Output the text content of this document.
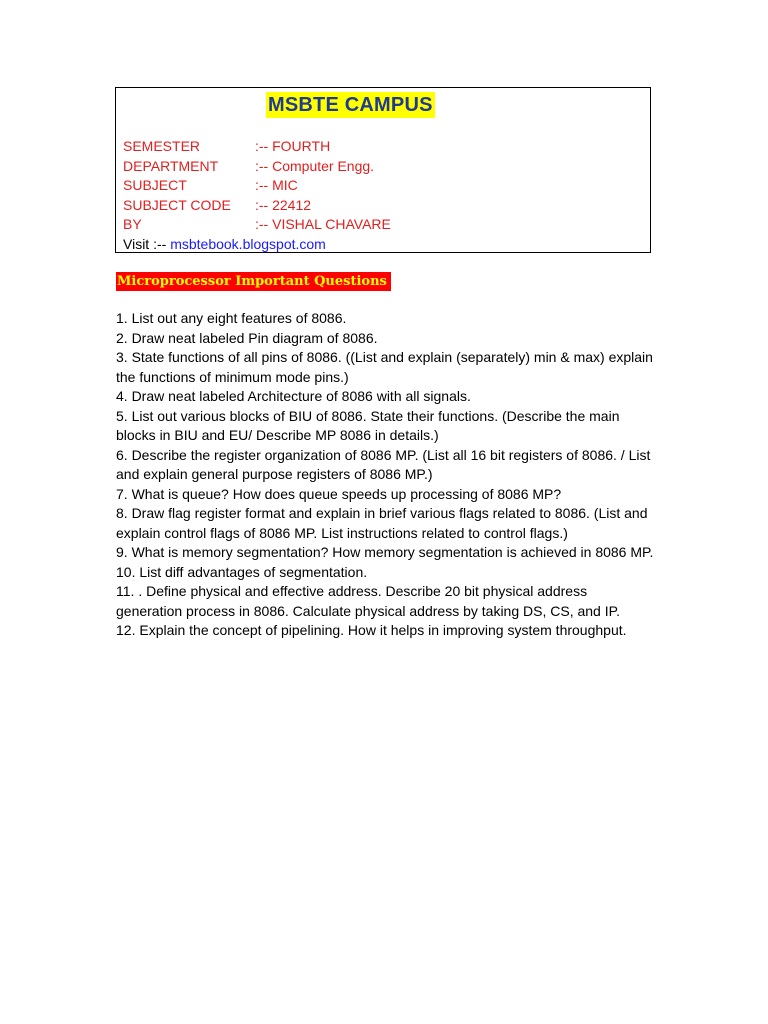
MSBTE CAMPUS
SEMESTER	:-- FOURTH
DEPARTMENT	:-- Computer Engg.
SUBJECT	:-- MIC
SUBJECT CODE	:-- 22412
BY	:-- VISHAL CHAVARE
Visit :-- msbtebook.blogspot.com
Microprocessor Important Questions
1. List out any eight features of 8086.
2. Draw neat labeled Pin diagram of 8086.
3. State functions of all pins of 8086. ((List and explain (separately) min & max) explain the functions of minimum mode pins.)
4. Draw neat labeled Architecture of 8086 with all signals.
5. List out various blocks of BIU of 8086. State their functions. (Describe the main blocks in BIU and EU/ Describe MP 8086 in details.)
6. Describe the register organization of 8086 MP. (List all 16 bit registers of 8086. / List and explain general purpose registers of 8086 MP.)
7. What is queue? How does queue speeds up processing of 8086 MP?
8. Draw flag register format and explain in brief various flags related to 8086. (List and explain control flags of 8086 MP. List instructions related to control flags.)
9. What is memory segmentation? How memory segmentation is achieved in 8086 MP.
10. List diff advantages of segmentation.
11. . Define physical and effective address. Describe 20 bit physical address generation process in 8086. Calculate physical address by taking DS, CS, and IP.
12. Explain the concept of pipelining. How it helps in improving system throughput.
